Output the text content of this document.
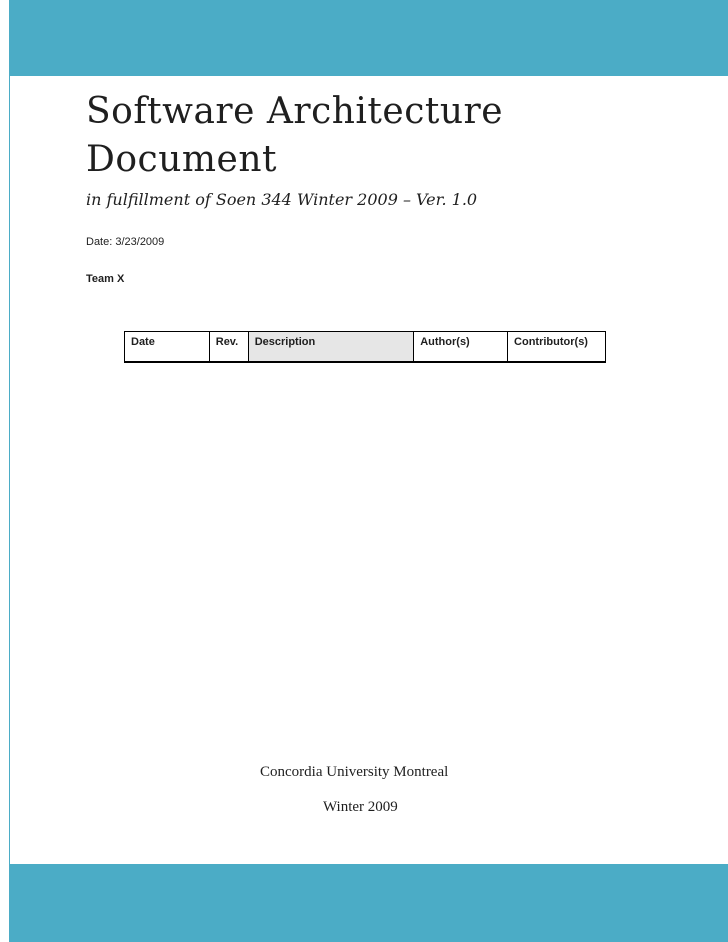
Software Architecture
Document
in fulfillment of Soen 344 Winter 2009 – Ver. 1.0
Date: 3/23/2009
Team X
Date	Rev.	Description	Author(s)	Contributor(s)
Concordia University Montreal
Winter 2009
